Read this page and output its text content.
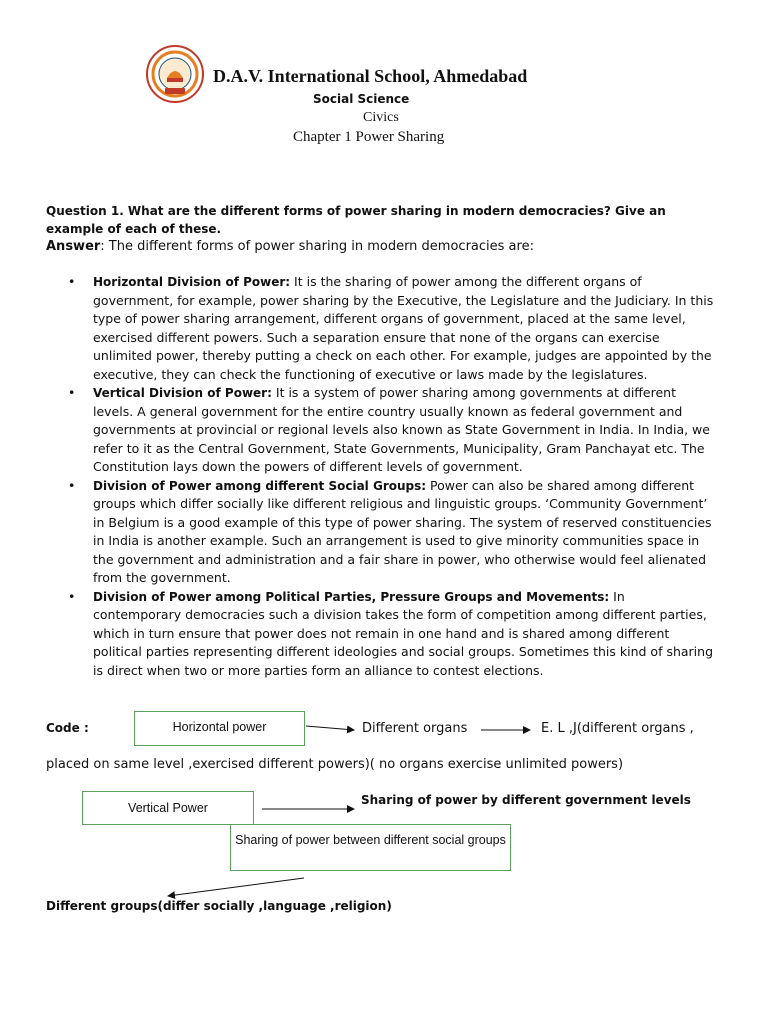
D.A.V. International School, Ahmedabad
Social Science
Civics
Chapter 1 Power Sharing
Question 1. What are the different forms of power sharing in modern democracies? Give an example of each of these.
Answer: The different forms of power sharing in modern democracies are:
• Horizontal Division of Power: It is the sharing of power among the different organs of government, for example, power sharing by the Executive, the Legislature and the Judiciary. In this type of power sharing arrangement, different organs of government, placed at the same level, exercised different powers. Such a separation ensure that none of the organs can exercise unlimited power, thereby putting a check on each other. For example, judges are appointed by the executive, they can check the functioning of executive or laws made by the legislatures.
• Vertical Division of Power: It is a system of power sharing among governments at different levels. A general government for the entire country usually known as federal government and governments at provincial or regional levels also known as State Government in India. In India, we refer to it as the Central Government, State Governments, Municipality, Gram Panchayat etc. The Constitution lays down the powers of different levels of government.
• Division of Power among different Social Groups: Power can also be shared among different groups which differ socially like different religious and linguistic groups. ‘Community Government’ in Belgium is a good example of this type of power sharing. The system of reserved constituencies in India is another example. Such an arrangement is used to give minority communities space in the government and administration and a fair share in power, who otherwise would feel alienated from the government.
• Division of Power among Political Parties, Pressure Groups and Movements: In contemporary democracies such a division takes the form of competition among different parties, which in turn ensure that power does not remain in one hand and is shared among different political parties representing different ideologies and social groups. Sometimes this kind of sharing is direct when two or more parties form an alliance to contest elections.
Code :	Horizontal power	Different organs	E. L ,J(different organs ,
placed on same level ,exercised different powers)( no organs exercise unlimited powers)
Vertical Power
Sharing of power by different government levels
Sharing of power between different social groups
Different groups(differ socially ,language ,religion)
